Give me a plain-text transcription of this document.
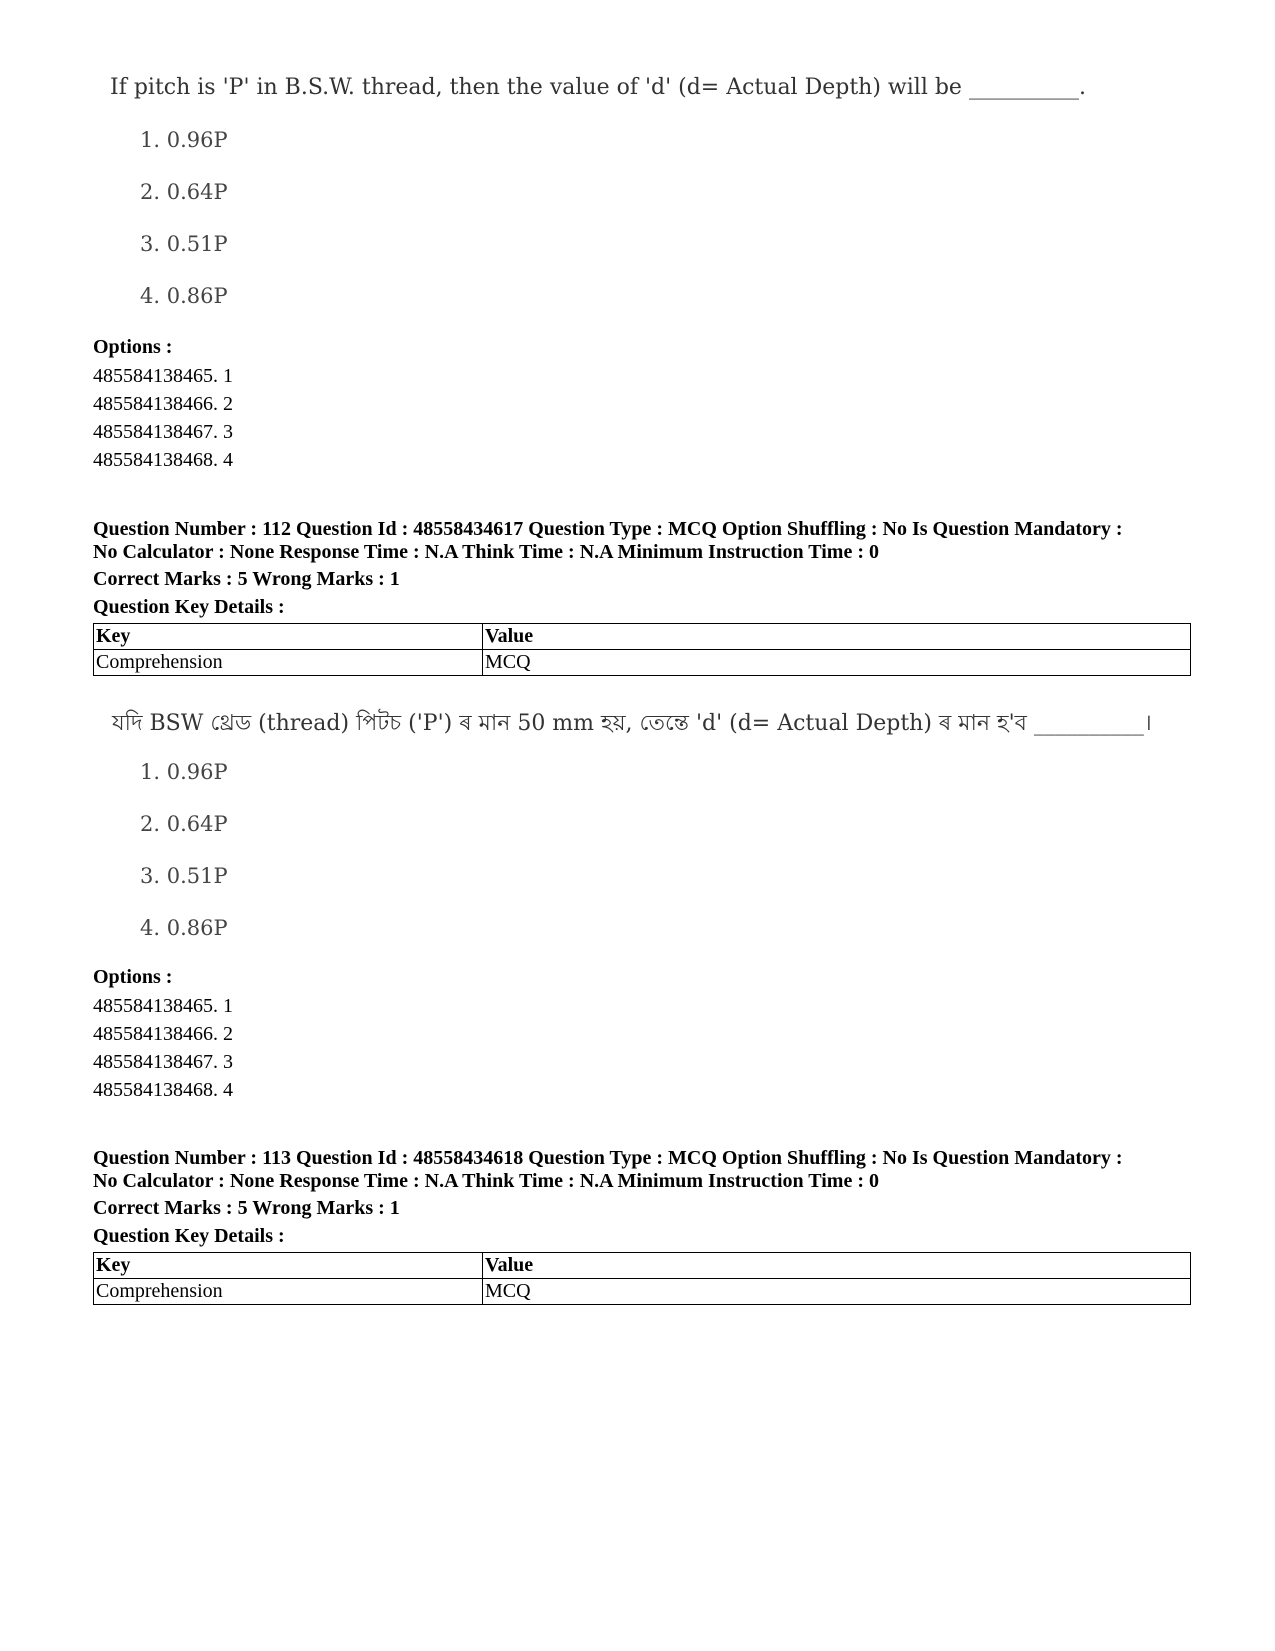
If pitch is 'P' in B.S.W. thread, then the value of 'd' (d= Actual Depth) will be __________.
1. 0.96P
2. 0.64P
3. 0.51P
4. 0.86P
Options :
485584138465. 1
485584138466. 2
485584138467. 3
485584138468. 4
Question Number : 112 Question Id : 48558434617 Question Type : MCQ Option Shuffling : No Is Question Mandatory :
No Calculator : None Response Time : N.A Think Time : N.A Minimum Instruction Time : 0
Correct Marks : 5 Wrong Marks : 1
Question Key Details :
Key	Value
Comprehension	MCQ
যদি BSW থ্ৰেড (thread) পিটচ ('P') ৰ মান 50 mm হয়, তেন্তে 'd' (d= Actual Depth) ৰ মান হ'ব __________।
1. 0.96P
2. 0.64P
3. 0.51P
4. 0.86P
Options :
485584138465. 1
485584138466. 2
485584138467. 3
485584138468. 4
Question Number : 113 Question Id : 48558434618 Question Type : MCQ Option Shuffling : No Is Question Mandatory :
No Calculator : None Response Time : N.A Think Time : N.A Minimum Instruction Time : 0
Correct Marks : 5 Wrong Marks : 1
Question Key Details :
Key	Value
Comprehension	MCQ
